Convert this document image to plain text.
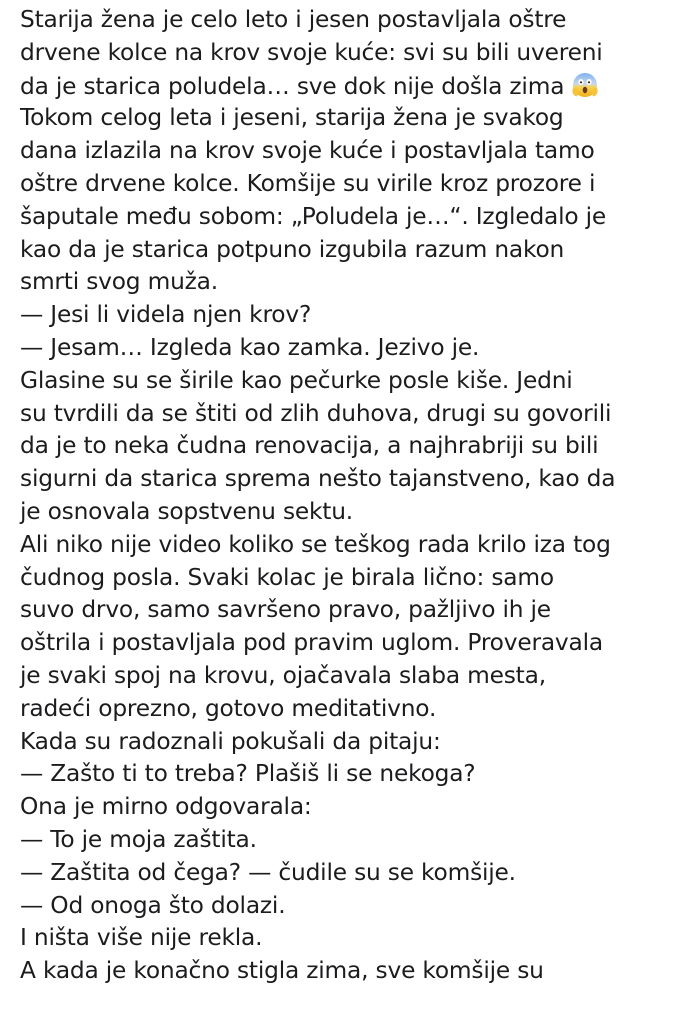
Starija žena je celo leto i jesen postavljala oštre
drvene kolce na krov svoje kuće: svi su bili uvereni
da je starica poludela… sve dok nije došla zima
Tokom celog leta i jeseni, starija žena je svakog
dana izlazila na krov svoje kuće i postavljala tamo
oštre drvene kolce. Komšije su virile kroz prozore i
šaputale među sobom: „Poludela je…“. Izgledalo je
kao da je starica potpuno izgubila razum nakon
smrti svog muža.
— Jesi li videla njen krov?
— Jesam… Izgleda kao zamka. Jezivo je.
Glasine su se širile kao pečurke posle kiše. Jedni
su tvrdili da se štiti od zlih duhova, drugi su govorili
da je to neka čudna renovacija, a najhrabriji su bili
sigurni da starica sprema nešto tajanstveno, kao da
je osnovala sopstvenu sektu.
Ali niko nije video koliko se teškog rada krilo iza tog
čudnog posla. Svaki kolac je birala lično: samo
suvo drvo, samo savršeno pravo, pažljivo ih je
oštrila i postavljala pod pravim uglom. Proveravala
je svaki spoj na krovu, ojačavala slaba mesta,
radeći oprezno, gotovo meditativno.
Kada su radoznali pokušali da pitaju:
— Zašto ti to treba? Plašiš li se nekoga?
Ona je mirno odgovarala:
— To je moja zaštita.
— Zaštita od čega? — čudile su se komšije.
— Od onoga što dolazi.
I ništa više nije rekla.
A kada je konačno stigla zima, sve komšije su
